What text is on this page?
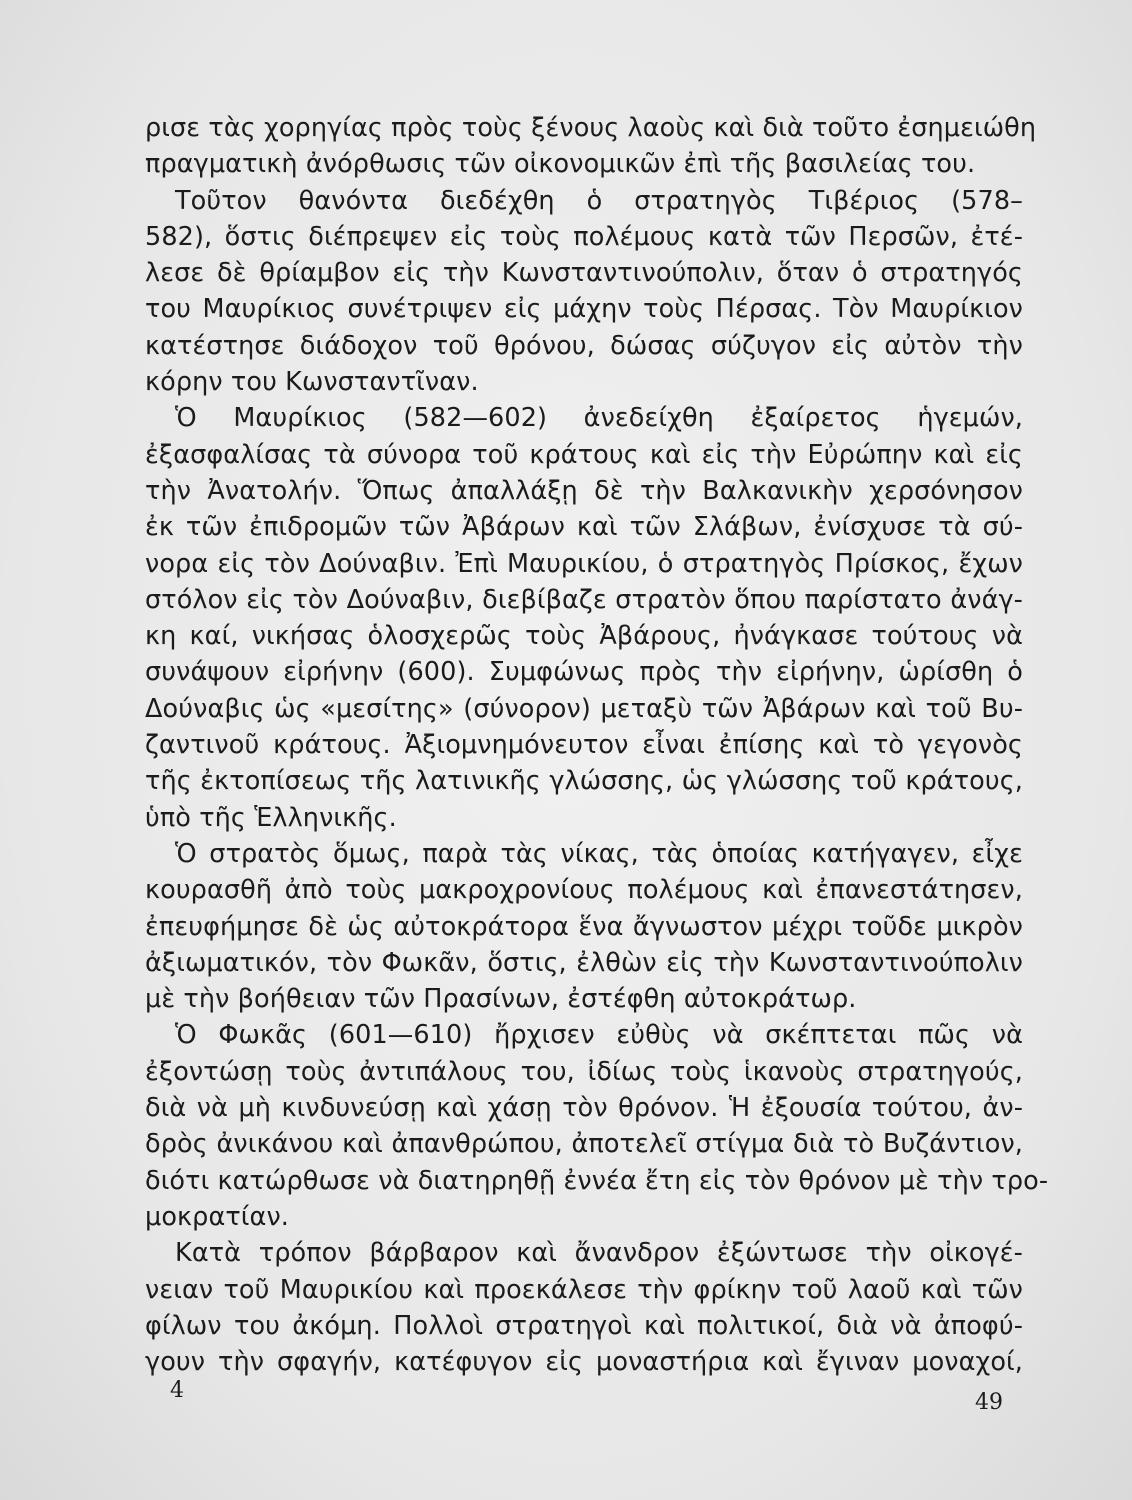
ρισε τὰς χορηγίας πρὸς τοὺς ξένους λαοὺς καὶ διὰ τοῦτο ἐσημειώθη
πραγματικὴ ἀνόρθωσις τῶν οἰκονομικῶν ἐπὶ τῆς βασιλείας του.
Τοῦτον θανόντα διεδέχθη ὁ στρατηγὸς Τιβέριος (578–
582), ὅστις διέπρεψεν εἰς τοὺς πολέμους κατὰ τῶν Περσῶν, ἐτέ-
λεσε δὲ θρίαμβον εἰς τὴν Κωνσταντινούπολιν, ὅταν ὁ στρατηγός
του Μαυρίκιος συνέτριψεν εἰς μάχην τοὺς Πέρσας. Τὸν Μαυρίκιον
κατέστησε διάδοχον τοῦ θρόνου, δώσας σύζυγον εἰς αὐτὸν τὴν
κόρην του Κωνσταντῖναν.
Ὁ Μαυρίκιος (582—602) ἀνεδείχθη ἐξαίρετος ἡγεμών,
ἐξασφαλίσας τὰ σύνορα τοῦ κράτους καὶ εἰς τὴν Εὐρώπην καὶ εἰς
τὴν Ἀνατολήν. Ὅπως ἀπαλλάξῃ δὲ τὴν Βαλκανικὴν χερσόνησον
ἐκ τῶν ἐπιδρομῶν τῶν Ἀβάρων καὶ τῶν Σλάβων, ἐνίσχυσε τὰ σύ-
νορα εἰς τὸν Δούναβιν. Ἐπὶ Μαυρικίου, ὁ στρατηγὸς Πρίσκος, ἔχων
στόλον εἰς τὸν Δούναβιν, διεβίβαζε στρατὸν ὅπου παρίστατο ἀνάγ-
κη καί, νικήσας ὁλοσχερῶς τοὺς Ἀβάρους, ἠνάγκασε τούτους νὰ
συνάψουν εἰρήνην (600). Συμφώνως πρὸς τὴν εἰρήνην, ὡρίσθη ὁ
Δούναβις ὡς «μεσίτης» (σύνορον) μεταξὺ τῶν Ἀβάρων καὶ τοῦ Βυ-
ζαντινοῦ κράτους. Ἀξιομνημόνευτον εἶναι ἐπίσης καὶ τὸ γεγονὸς
τῆς ἐκτοπίσεως τῆς λατινικῆς γλώσσης, ὡς γλώσσης τοῦ κράτους,
ὑπὸ τῆς Ἑλληνικῆς.
Ὁ στρατὸς ὅμως, παρὰ τὰς νίκας, τὰς ὁποίας κατήγαγεν, εἶχε
κουρασθῆ ἀπὸ τοὺς μακροχρονίους πολέμους καὶ ἐπανεστάτησεν,
ἐπευφήμησε δὲ ὡς αὐτοκράτορα ἕνα ἄγνωστον μέχρι τοῦδε μικρὸν
ἀξιωματικόν, τὸν Φωκᾶν, ὅστις, ἐλθὼν εἰς τὴν Κωνσταντινούπολιν
μὲ τὴν βοήθειαν τῶν Πρασίνων, ἐστέφθη αὐτοκράτωρ.
Ὁ Φωκᾶς (601—610) ἤρχισεν εὐθὺς νὰ σκέπτεται πῶς νὰ
ἐξοντώσῃ τοὺς ἀντιπάλους του, ἰδίως τοὺς ἱκανοὺς στρατηγούς,
διὰ νὰ μὴ κινδυνεύσῃ καὶ χάσῃ τὸν θρόνον. Ἡ ἐξουσία τούτου, ἀν-
δρὸς ἀνικάνου καὶ ἀπανθρώπου, ἀποτελεῖ στίγμα διὰ τὸ Βυζάντιον,
διότι κατώρθωσε νὰ διατηρηθῇ ἐννέα ἔτη εἰς τὸν θρόνον μὲ τὴν τρο-
μοκρατίαν.
Κατὰ τρόπον βάρβαρον καὶ ἄνανδρον ἐξώντωσε τὴν οἰκογέ-
νειαν τοῦ Μαυρικίου καὶ προεκάλεσε τὴν φρίκην τοῦ λαοῦ καὶ τῶν
φίλων του ἀκόμη. Πολλοὶ στρατηγοὶ καὶ πολιτικοί, διὰ νὰ ἀποφύ-
γουν τὴν σφαγήν, κατέφυγον εἰς μοναστήρια καὶ ἔγιναν μοναχοί,
4	49
